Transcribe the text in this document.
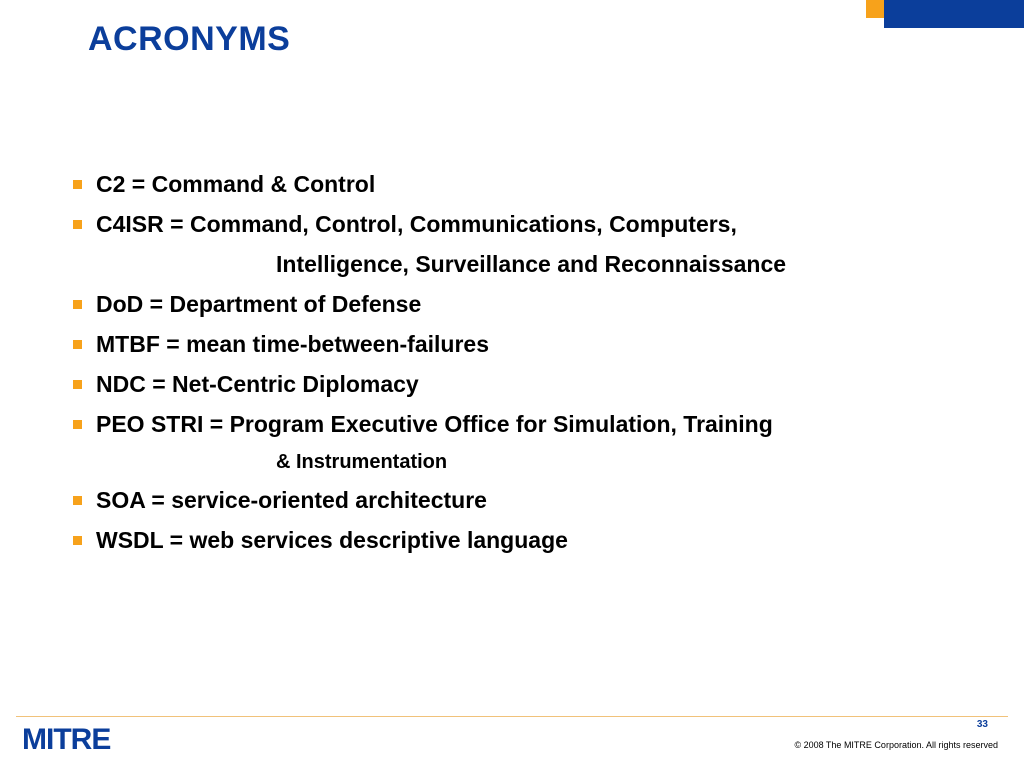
ACRONYMS
C2 = Command & Control
C4ISR = Command, Control, Communications, Computers,
Intelligence, Surveillance and Reconnaissance
DoD = Department of Defense
MTBF = mean time-between-failures
NDC = Net-Centric Diplomacy
PEO STRI = Program Executive Office for Simulation, Training
& Instrumentation
SOA = service-oriented architecture
WSDL = web services descriptive language
MITRE	33
© 2008 The MITRE Corporation. All rights reserved
